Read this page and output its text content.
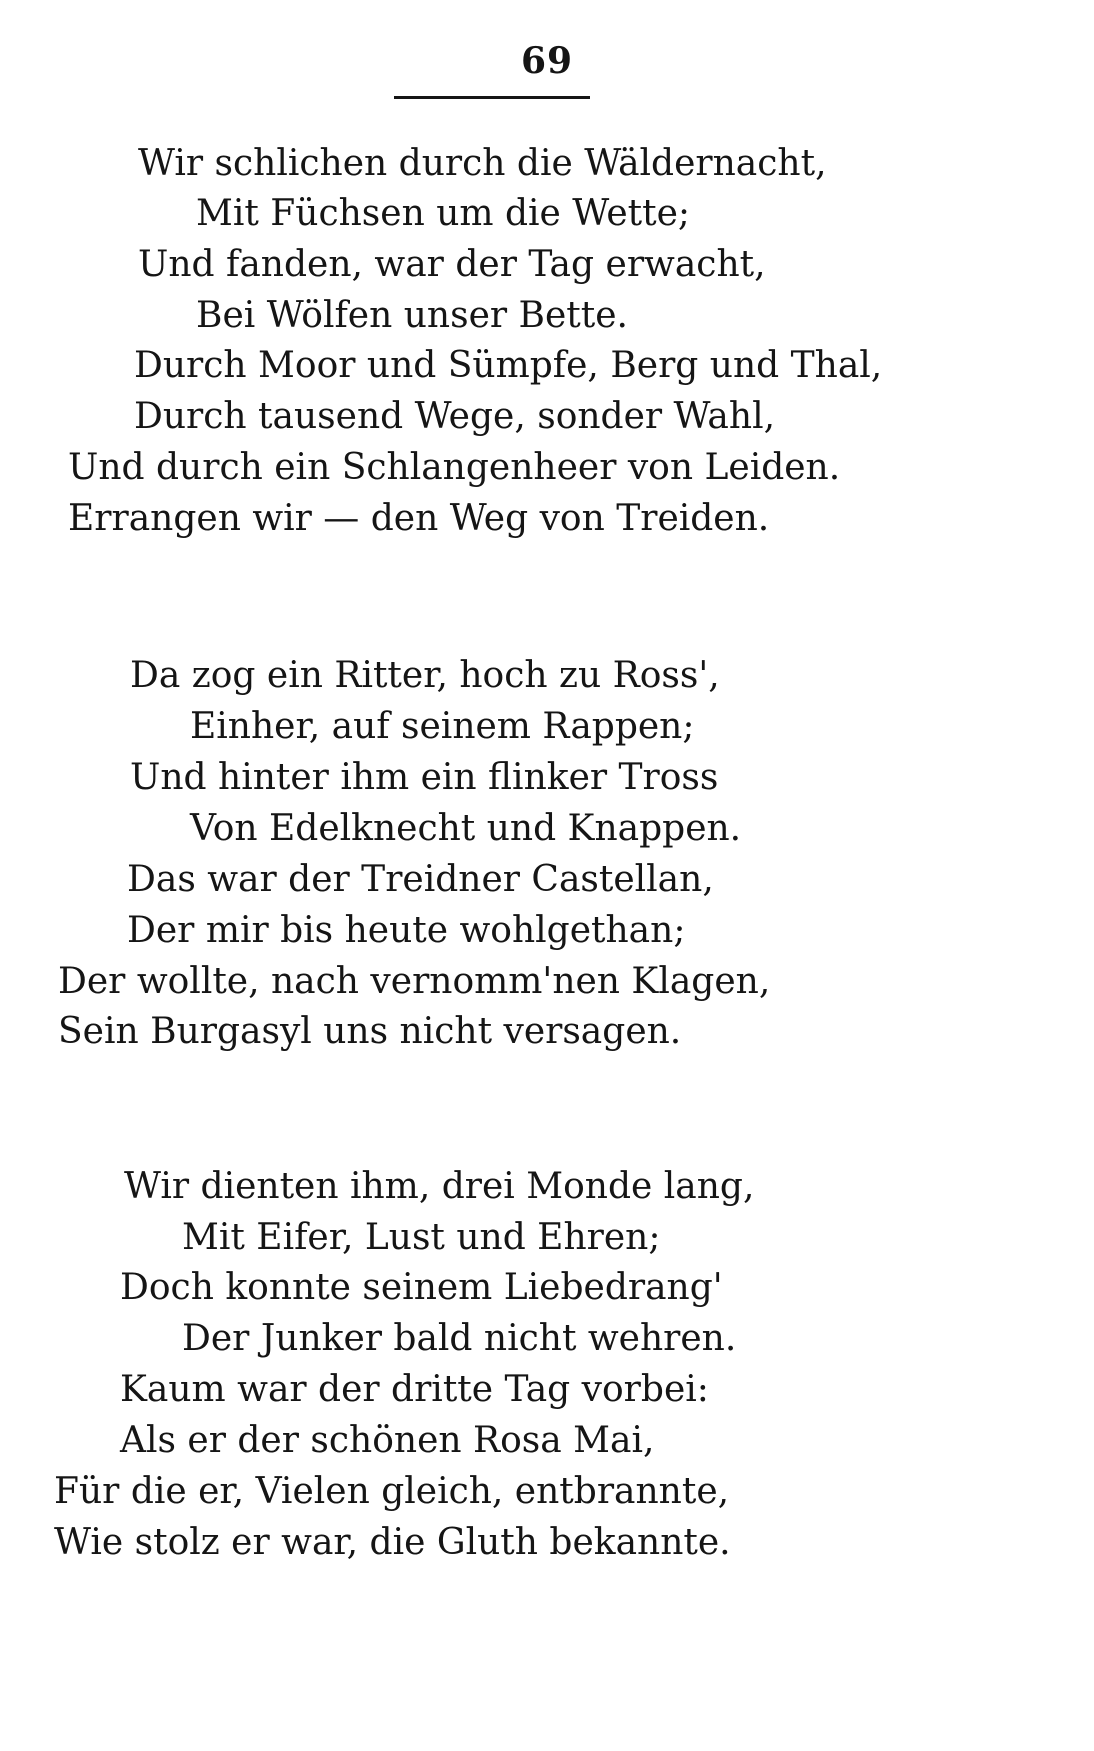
69
Wir schlichen durch die Wäldernacht,
Mit Füchsen um die Wette;
Und fanden, war der Tag erwacht,
Bei Wölfen unser Bette.
Durch Moor und Sümpfe, Berg und Thal,
Durch tausend Wege, sonder Wahl,
Und durch ein Schlangenheer von Leiden.
Errangen wir — den Weg von Treiden.
Da zog ein Ritter, hoch zu Ross',
Einher, auf seinem Rappen;
Und hinter ihm ein flinker Tross
Von Edelknecht und Knappen.
Das war der Treidner Castellan,
Der mir bis heute wohlgethan;
Der wollte, nach vernomm'nen Klagen,
Sein Burgasyl uns nicht versagen.
Wir dienten ihm, drei Monde lang,
Mit Eifer, Lust und Ehren;
Doch konnte seinem Liebedrang'
Der Junker bald nicht wehren.
Kaum war der dritte Tag vorbei:
Als er der schönen Rosa Mai,
Für die er, Vielen gleich, entbrannte,
Wie stolz er war, die Gluth bekannte.
